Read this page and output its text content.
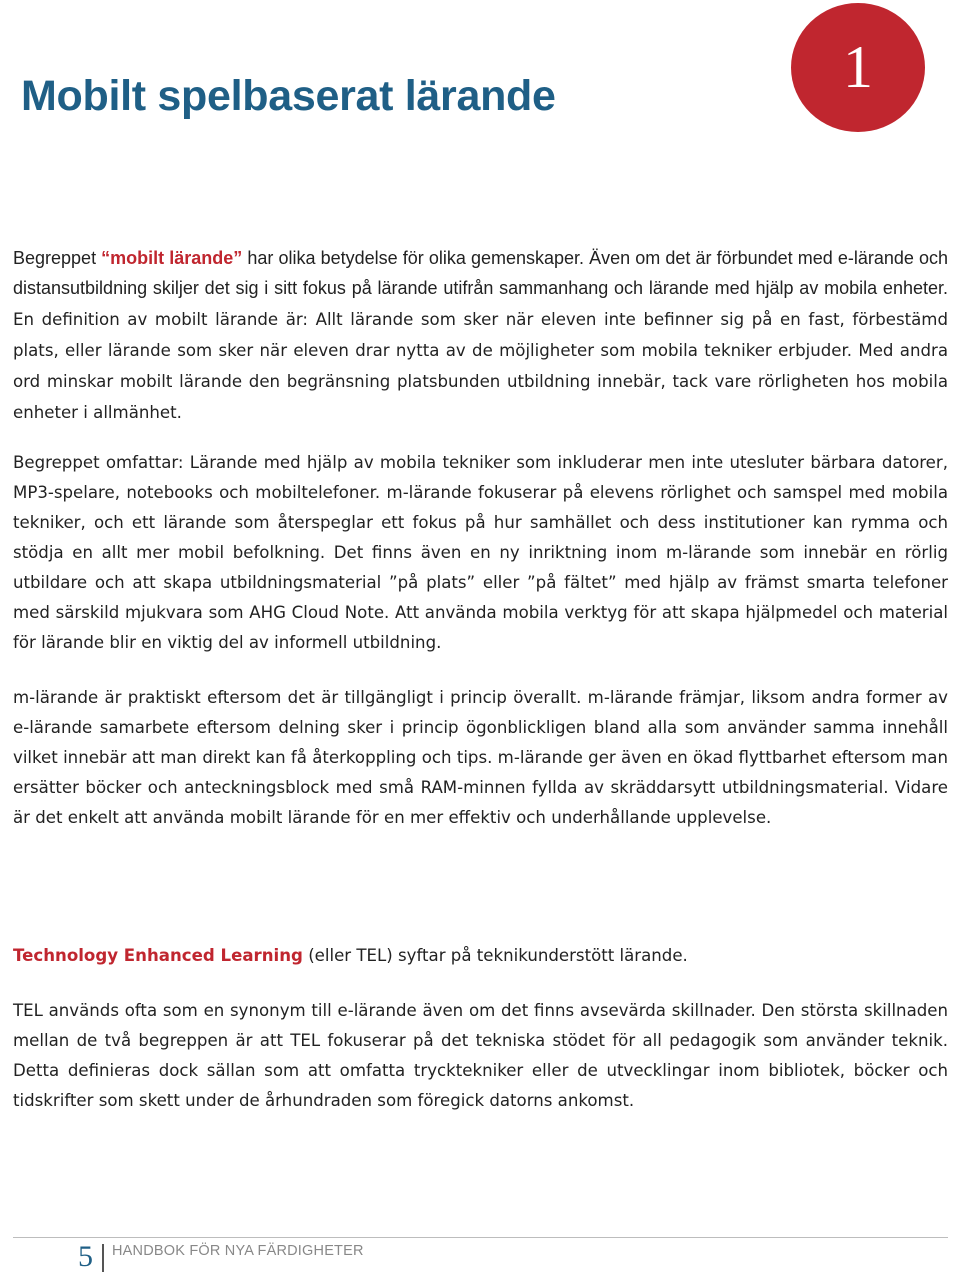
Mobilt spelbaserat lärande	1

Begreppet “mobilt lärande” har olika betydelse för olika gemenskaper. Även om det är förbundet med e-lärande och distansutbildning skiljer det sig i sitt fokus på lärande utifrån sammanhang och lärande med hjälp av mobila enheter. En definition av mobilt lärande är: Allt lärande som sker när eleven inte befinner sig på en fast, förbestämd plats, eller lärande som sker när eleven drar nytta av de möjligheter som mobila tekniker erbjuder. Med andra ord minskar mobilt lärande den begränsning platsbunden utbildning innebär, tack vare rörligheten hos mobila enheter i allmänhet.

Begreppet omfattar: Lärande med hjälp av mobila tekniker som inkluderar men inte utesluter bärbara datorer, MP3-spelare, notebooks och mobiltelefoner. m-lärande fokuserar på elevens rörlighet och samspel med mobila tekniker, och ett lärande som återspeglar ett fokus på hur samhället och dess institutioner kan rymma och stödja en allt mer mobil befolkning. Det finns även en ny inriktning inom m-lärande som innebär en rörlig utbildare och att skapa utbildningsmaterial ”på plats” eller ”på fältet” med hjälp av främst smarta telefoner med särskild mjukvara som AHG Cloud Note. Att använda mobila verktyg för att skapa hjälpmedel och material för lärande blir en viktig del av informell utbildning.

m-lärande är praktiskt eftersom det är tillgängligt i princip överallt. m-lärande främjar, liksom andra former av e-lärande samarbete eftersom delning sker i princip ögonblickligen bland alla som använder samma innehåll vilket innebär att man direkt kan få återkoppling och tips. m-lärande ger även en ökad flyttbarhet eftersom man ersätter böcker och anteckningsblock med små RAM-minnen fyllda av skräddarsytt utbildningsmaterial. Vidare är det enkelt att använda mobilt lärande för en mer effektiv och underhållande upplevelse.

Technology Enhanced Learning (eller TEL) syftar på teknikunderstött lärande.

TEL används ofta som en synonym till e-lärande även om det finns avsevärda skillnader. Den största skillnaden mellan de två begreppen är att TEL fokuserar på det tekniska stödet för all pedagogik som använder teknik. Detta definieras dock sällan som att omfatta trycktekniker eller de utvecklingar inom bibliotek, böcker och tidskrifter som skett under de århundraden som föregick datorns ankomst.

5 HANDBOK FÖR NYA FÄRDIGHETER
